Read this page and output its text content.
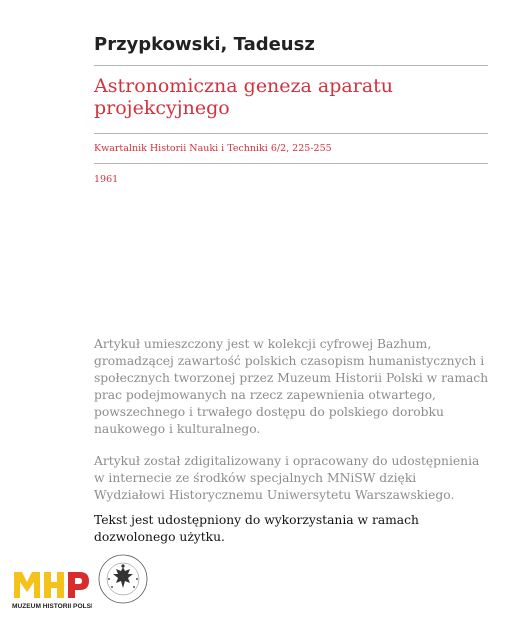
Przypkowski, Tadeusz
Astronomiczna geneza aparatu projekcyjnego
Kwartalnik Historii Nauki i Techniki 6/2, 225-255
1961
Artykuł umieszczony jest w kolekcji cyfrowej Bazhum, gromadzącej zawartość polskich czasopism humanistycznych i społecznych tworzonej przez Muzeum Historii Polski w ramach prac podejmowanych na rzecz zapewnienia otwartego, powszechnego i trwałego dostępu do polskiego dorobku naukowego i kulturalnego.
Artykuł został zdigitalizowany i opracowany do udostępnienia w internecie ze środków specjalnych MNiSW dzięki Wydziałowi Historycznemu Uniwersytetu Warszawskiego.
Tekst jest udostępniony do wykorzystania w ramach dozwolonego użytku.
MUZEUM HISTORII POLSKI
